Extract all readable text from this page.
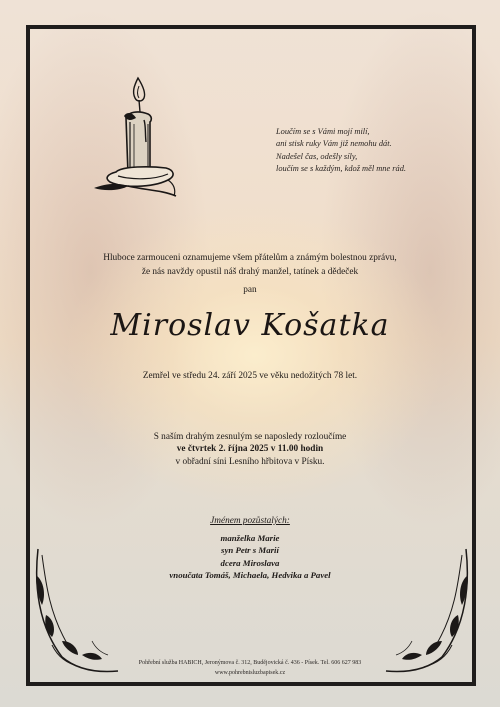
Loučím se s Vámi mojí milí,
ani stisk ruky Vám již nemohu dát.
Nadešel čas, odešly síly,
loučím se s každým, kdož měl mne rád.
Hluboce zarmouceni oznamujeme všem přátelům a známým bolestnou zprávu,
že nás navždy opustil náš drahý manžel, tatínek a dědeček
pan
Miroslav Košatka
Zemřel ve středu 24. září 2025 ve věku nedožitých 78 let.
S naším drahým zesnulým se naposledy rozloučíme
ve čtvrtek 2. října 2025 v 11.00 hodin
v obřadní síni Lesního hřbitova v Písku.
Jménem pozůstalých:
manželka Marie
syn Petr s Marií
dcera Miroslava
vnoučata Tomáš, Michaela, Hedvika a Pavel
Pohřební služba HABICH, Jeronýmova č. 312, Budějovická č. 436 - Písek. Tel. 606 627 983
www.pohrebnisluzbapisek.cz
